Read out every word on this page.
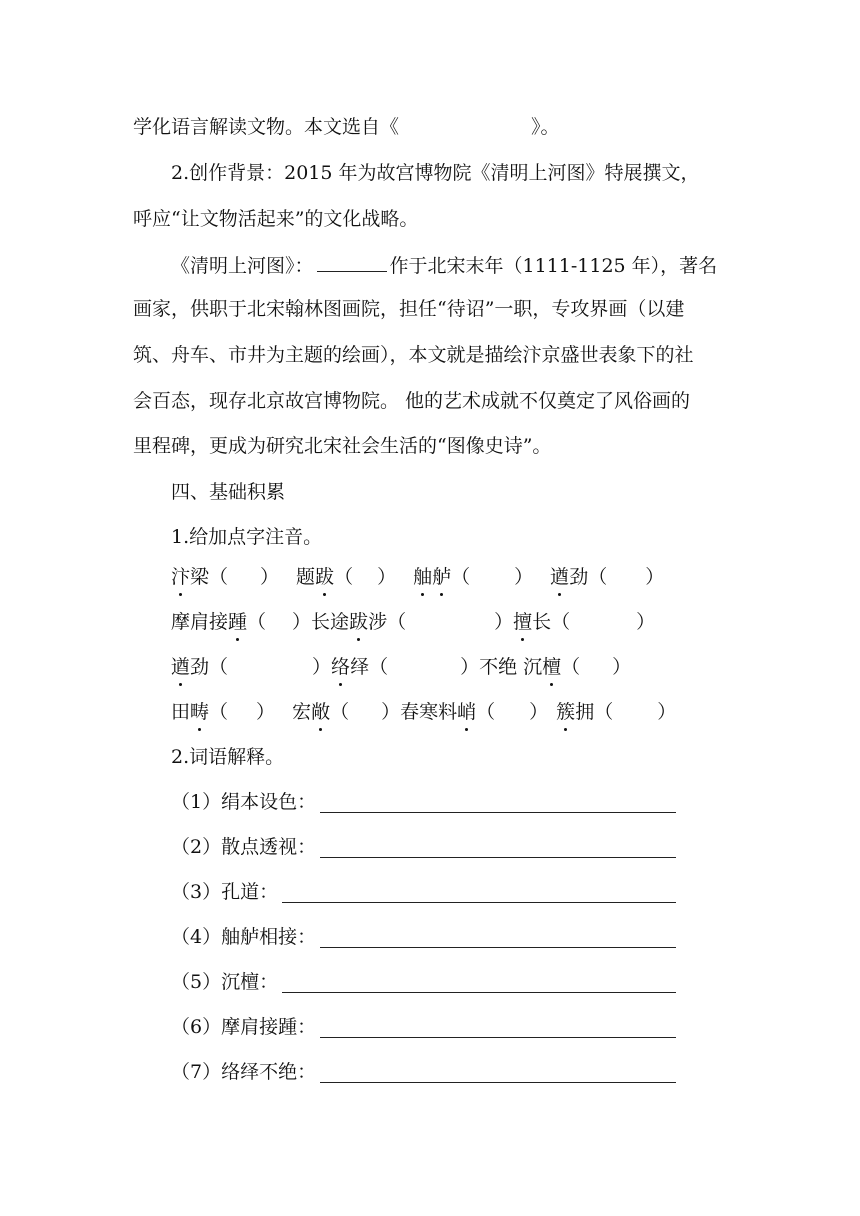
学化语言解读文物。本文选自《	》。
2.创作背景：2015 年为故宫博物院《清明上河图》特展撰文，
呼应“让文物活起来”的文化战略。
《清明上河图》：	作于北宋末年（1111-1125 年），著名
画家，供职于北宋翰林图画院，担任“待诏”一职，专攻界画（以建
筑、舟车、市井为主题的绘画），本文就是描绘汴京盛世表象下的社
会百态，现存北京故宫博物院。 他的艺术成就不仅奠定了风俗画的
里程碑，更成为研究北宋社会生活的“图像史诗”。
四、基础积累
1.给加点字注音。
汴梁（ ） 题跋（ ） 舳舻（ ） 遒劲（ ）
摩肩接踵（ ）长途跋涉（	）擅长（	）
遒劲（	）络绎（	）不绝 沉檀（ ）
田畴（ ） 宏敞（ ）春寒料峭（ ） 簇拥（ ）
2.词语解释。
（1）绢本设色：
（2）散点透视：
（3）孔道：
（4）舳舻相接：
（5）沉檀：
（6）摩肩接踵：
（7）络绎不绝：
